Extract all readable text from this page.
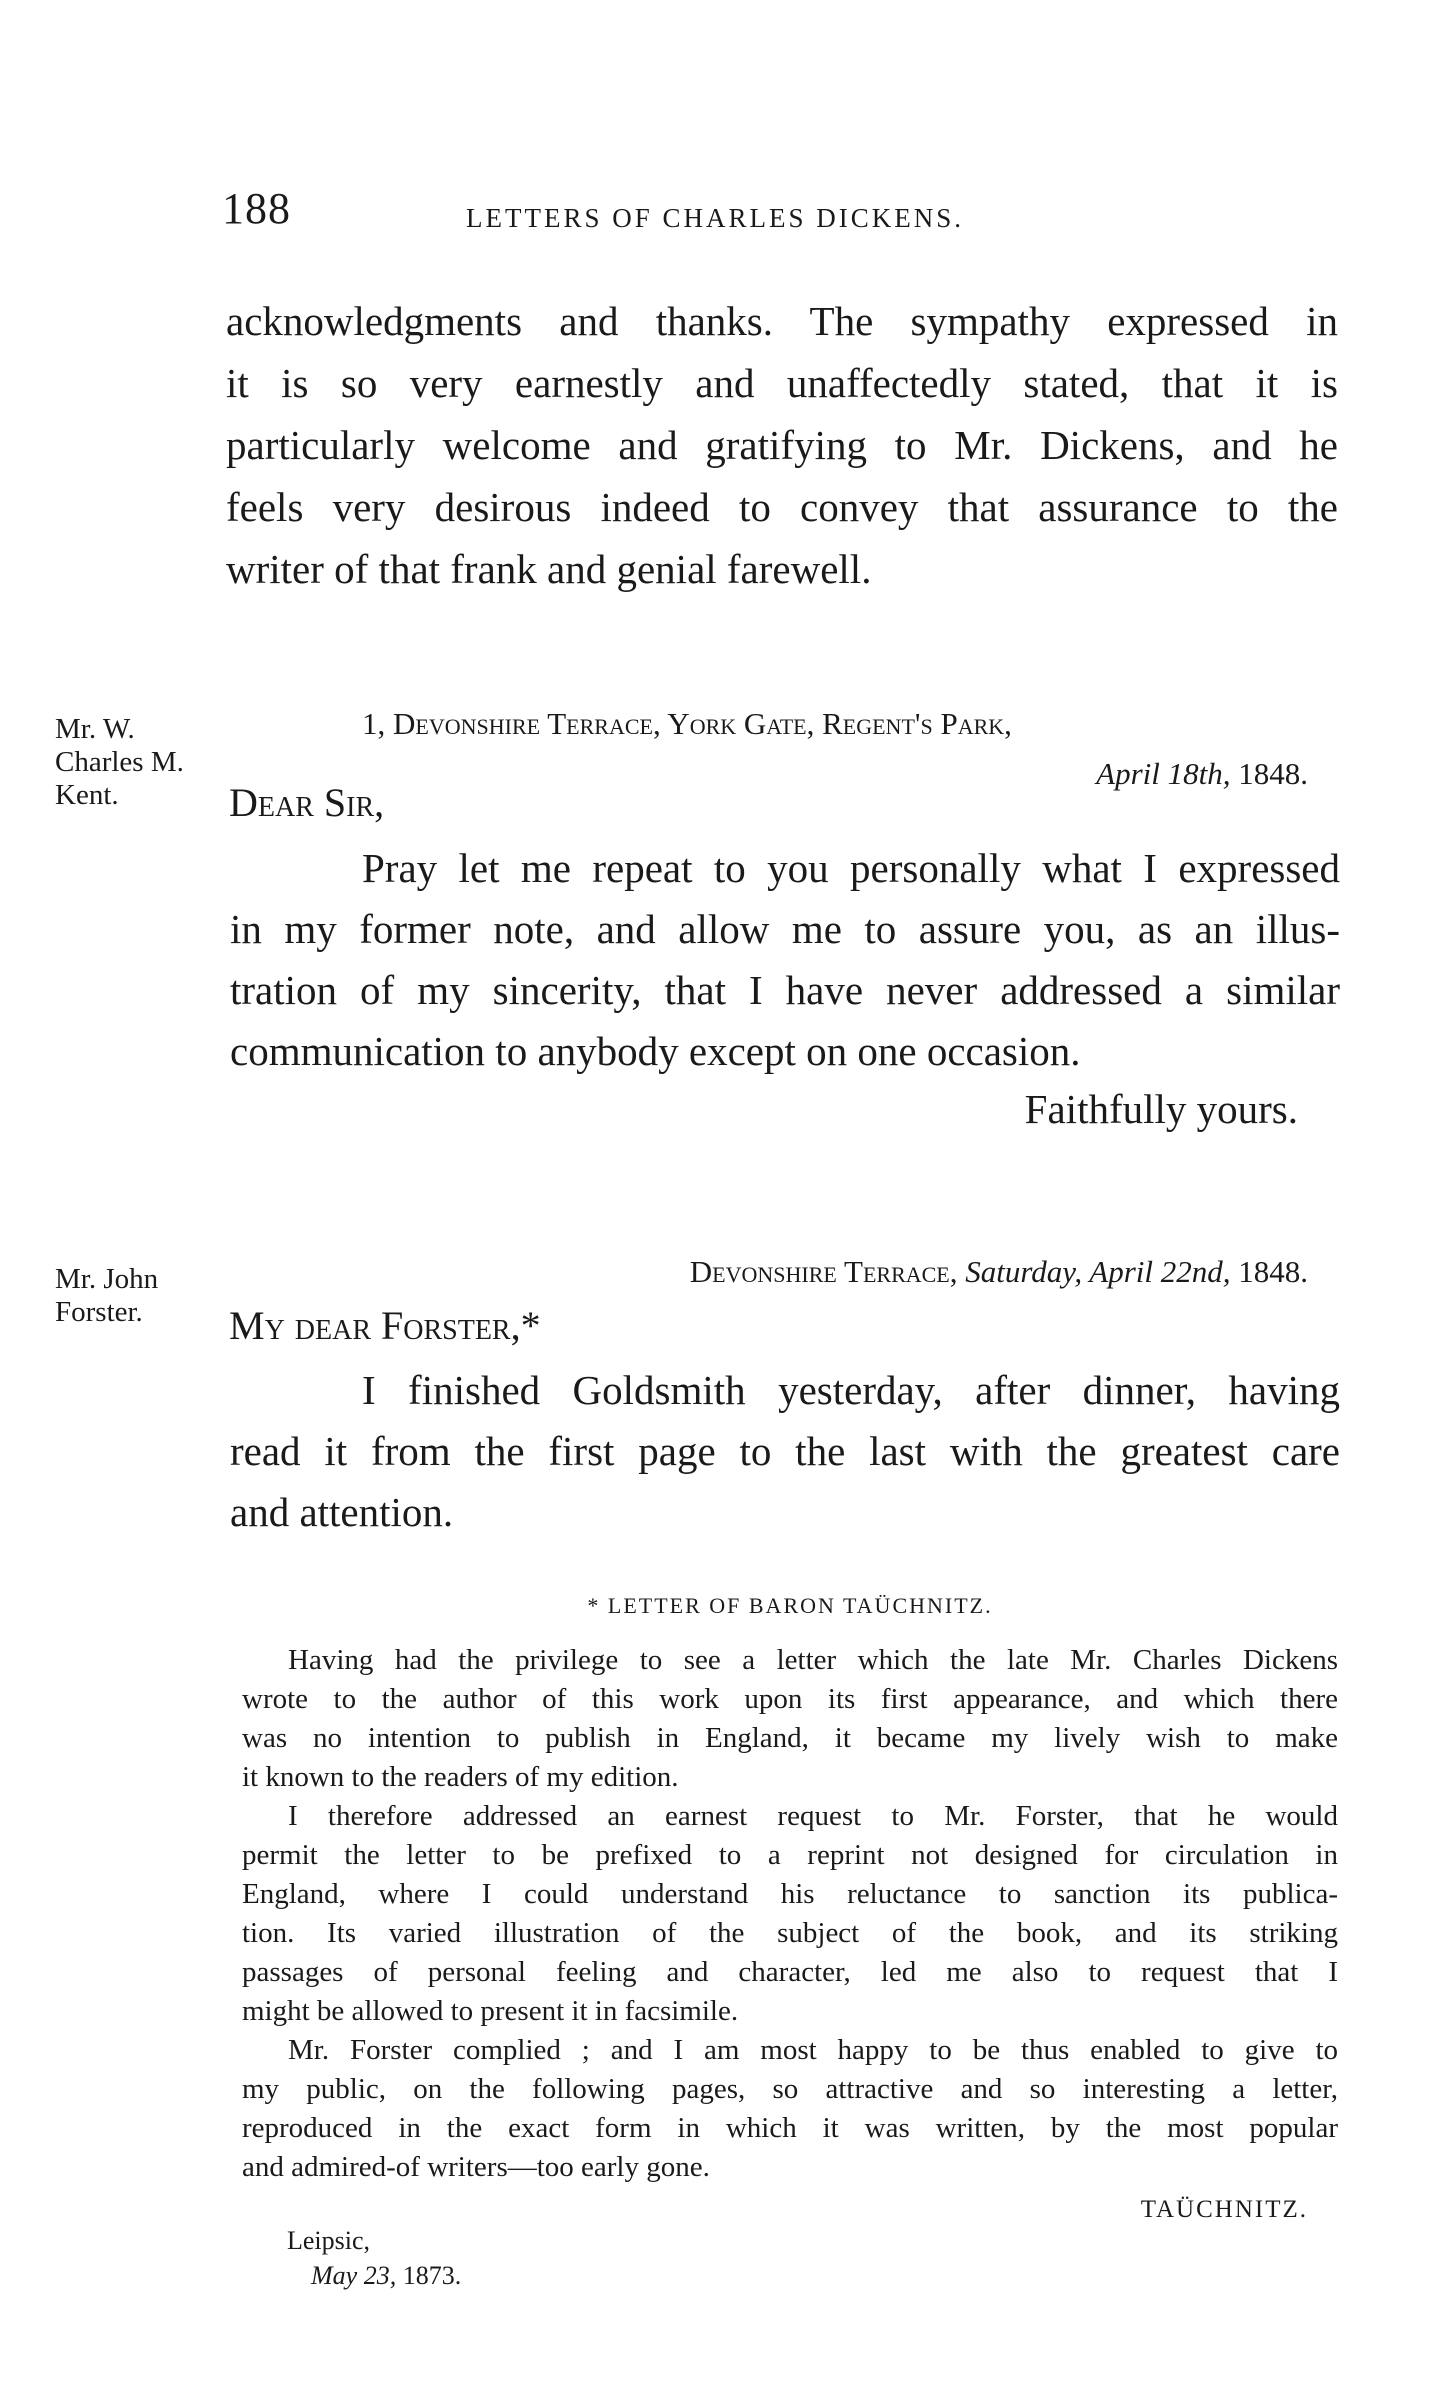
188	LETTERS OF CHARLES DICKENS.
acknowledgments and thanks. The sympathy expressed in
it is so very earnestly and unaffectedly stated, that it is
particularly welcome and gratifying to Mr. Dickens, and he
feels very desirous indeed to convey that assurance to the
writer of that frank and genial farewell.
Mr. W.
Charles M.
Kent.
1, Devonshire Terrace, York Gate, Regent's Park,
April 18th, 1848.
Dear Sir,
Pray let me repeat to you personally what I expressed
in my former note, and allow me to assure you, as an illus-
tration of my sincerity, that I have never addressed a similar
communication to anybody except on one occasion.
Faithfully yours.
Mr. John
Forster.
Devonshire Terrace, Saturday, April 22nd, 1848.
My dear Forster,*
I finished Goldsmith yesterday, after dinner, having
read it from the first page to the last with the greatest care
and attention.
* LETTER OF BARON TAÜCHNITZ.
Having had the privilege to see a letter which the late Mr. Charles Dickens
wrote to the author of this work upon its first appearance, and which there
was no intention to publish in England, it became my lively wish to make
it known to the readers of my edition.
I therefore addressed an earnest request to Mr. Forster, that he would
permit the letter to be prefixed to a reprint not designed for circulation in
England, where I could understand his reluctance to sanction its publica-
tion. Its varied illustration of the subject of the book, and its striking
passages of personal feeling and character, led me also to request that I
might be allowed to present it in facsimile.
Mr. Forster complied ; and I am most happy to be thus enabled to give to
my public, on the following pages, so attractive and so interesting a letter,
reproduced in the exact form in which it was written, by the most popular
and admired-of writers—too early gone.
TAÜCHNITZ.
Leipsic,
May 23, 1873.
